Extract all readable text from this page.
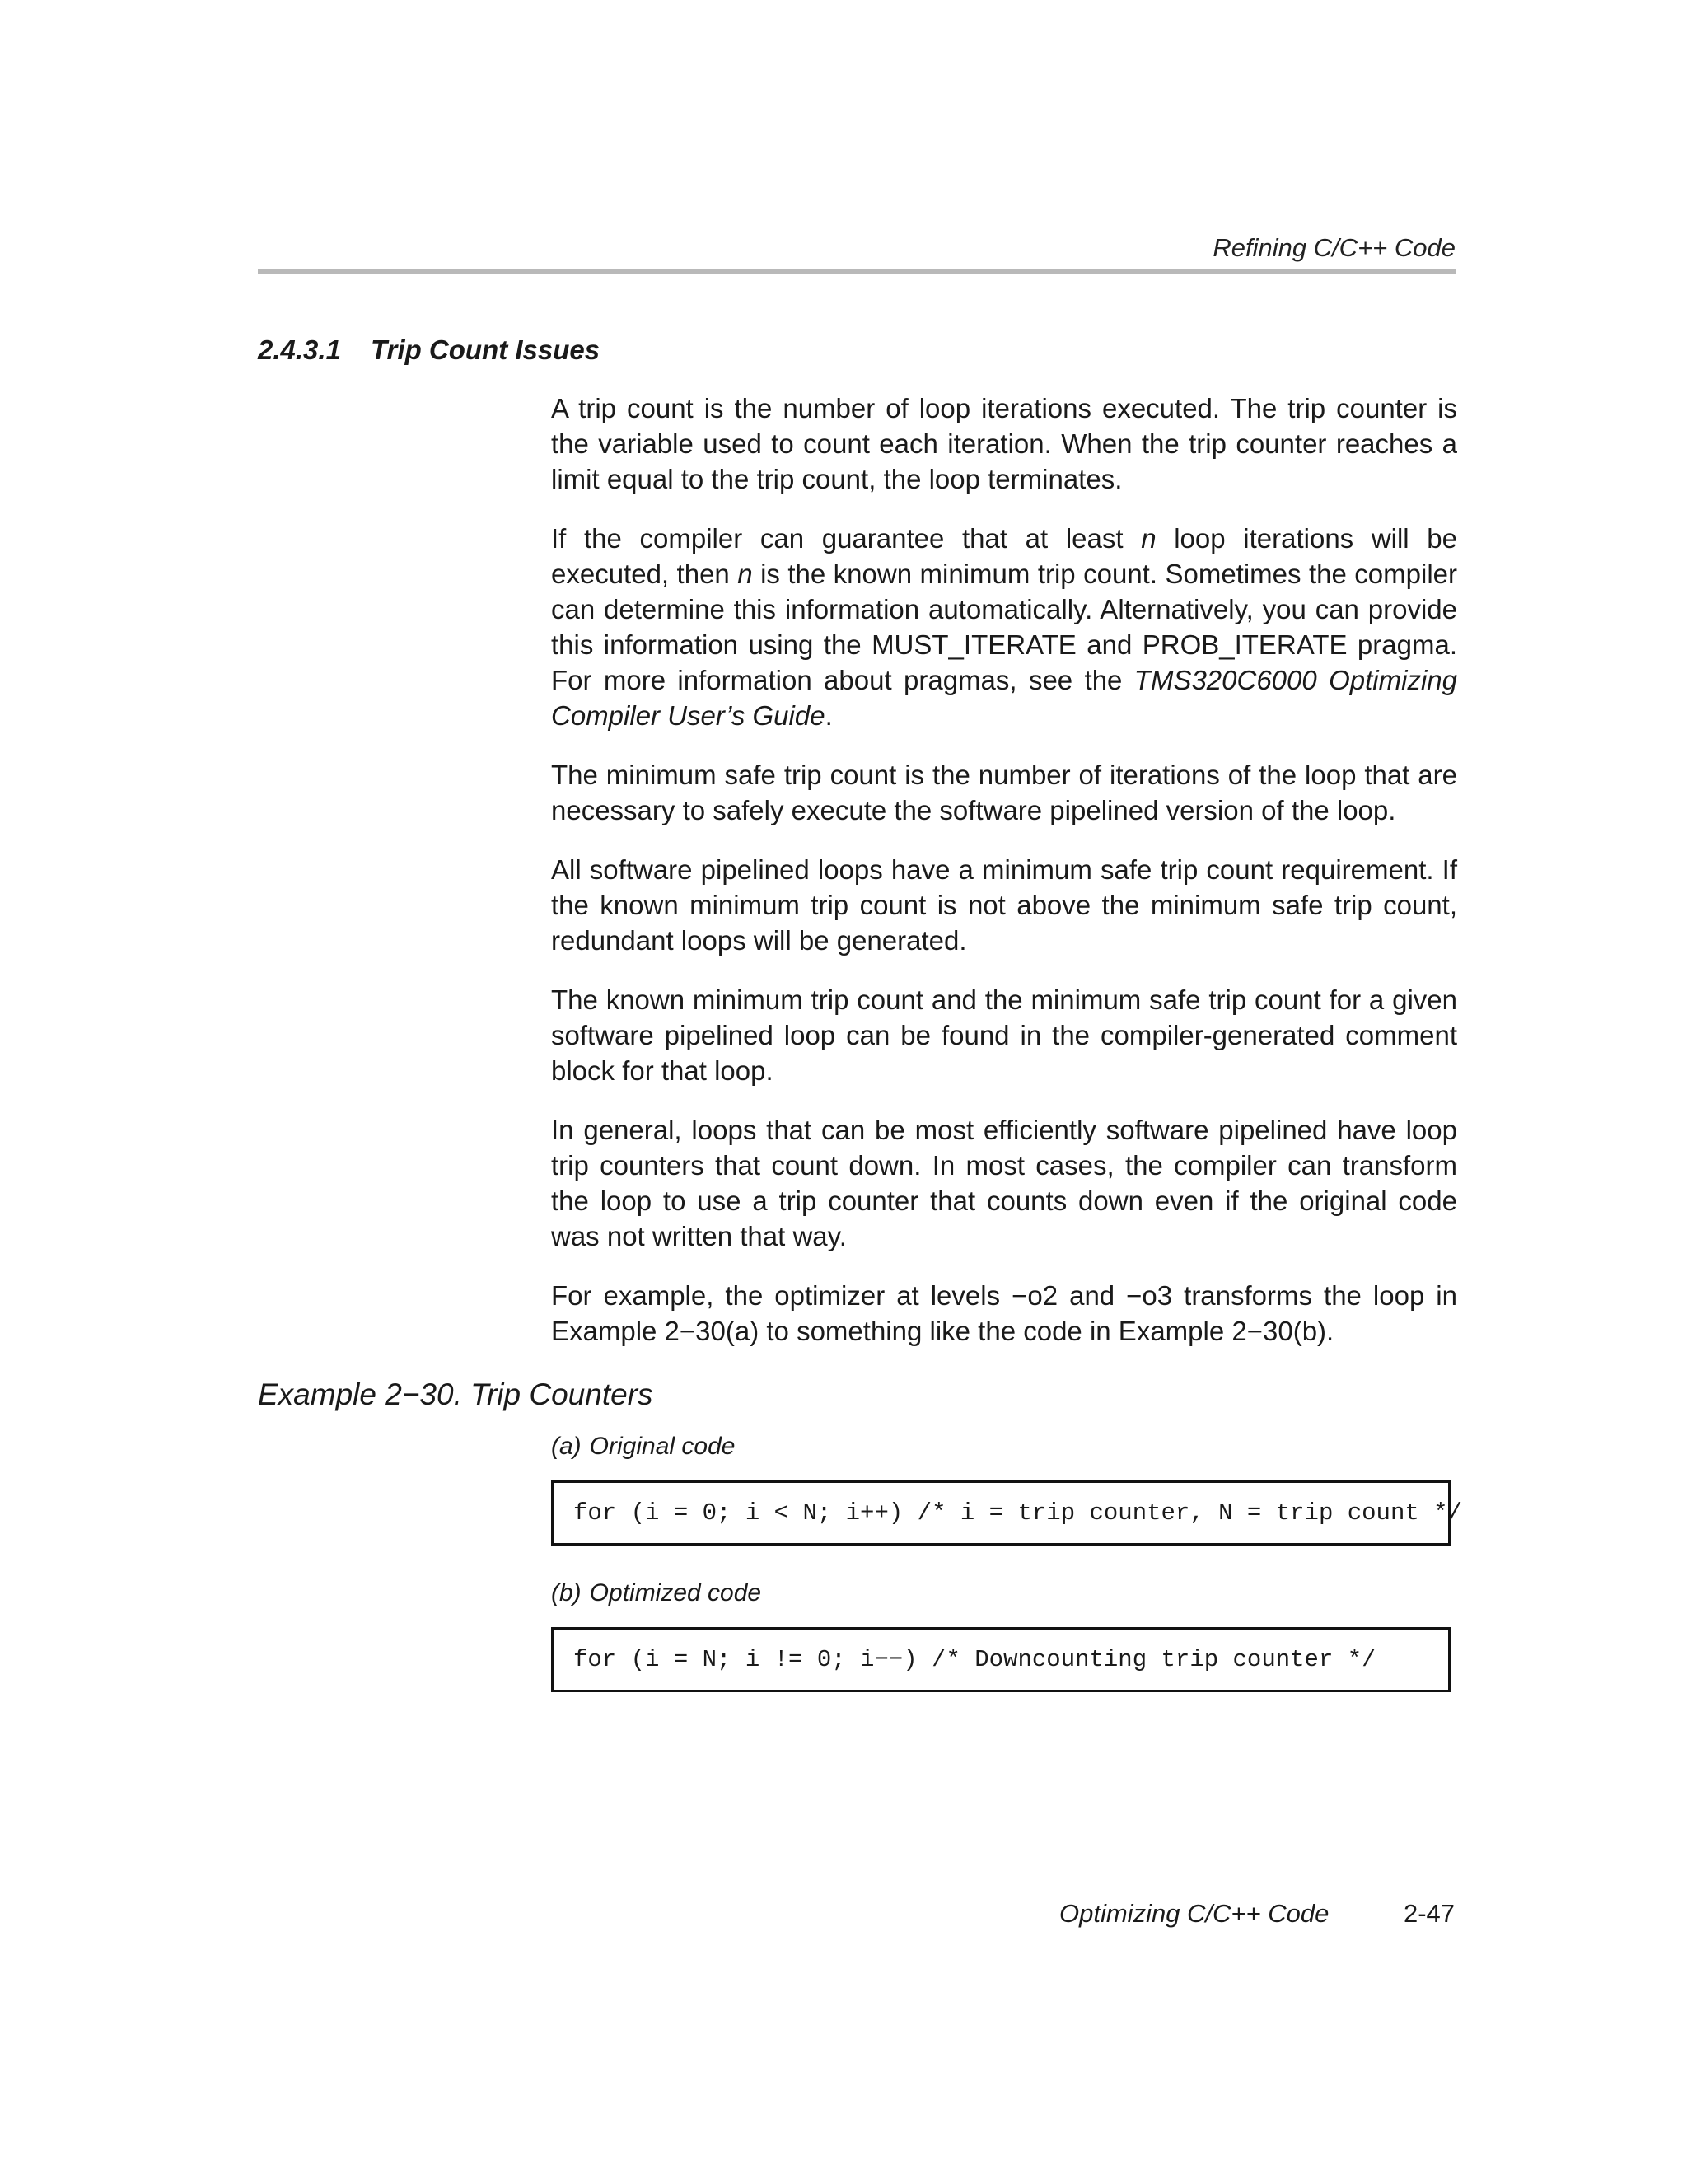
Refining C/C++ Code
2.4.3.1 Trip Count Issues

A trip count is the number of loop iterations executed. The trip counter is the variable used to count each iteration. When the trip counter reaches a limit equal to the trip count, the loop terminates.

If the compiler can guarantee that at least n loop iterations will be executed, then n is the known minimum trip count. Sometimes the compiler can determine this information automatically. Alternatively, you can provide this information using the MUST_ITERATE and PROB_ITERATE pragma. For more information about pragmas, see the TMS320C6000 Optimizing Compiler User’s Guide.

The minimum safe trip count is the number of iterations of the loop that are necessary to safely execute the software pipelined version of the loop.

All software pipelined loops have a minimum safe trip count requirement. If the known minimum trip count is not above the minimum safe trip count, redundant loops will be generated.

The known minimum trip count and the minimum safe trip count for a given software pipelined loop can be found in the compiler-generated comment block for that loop.

In general, loops that can be most efficiently software pipelined have loop trip counters that count down. In most cases, the compiler can transform the loop to use a trip counter that counts down even if the original code was not written that way.

For example, the optimizer at levels −o2 and −o3 transforms the loop in Example 2−30(a) to something like the code in Example 2−30(b).

Example 2−30. Trip Counters
(a) Original code
for (i = 0; i < N; i++) /* i = trip counter, N = trip count */
(b) Optimized code
for (i = N; i != 0; i−−) /* Downcounting trip counter */
Optimizing C/C++ Code	2-47
